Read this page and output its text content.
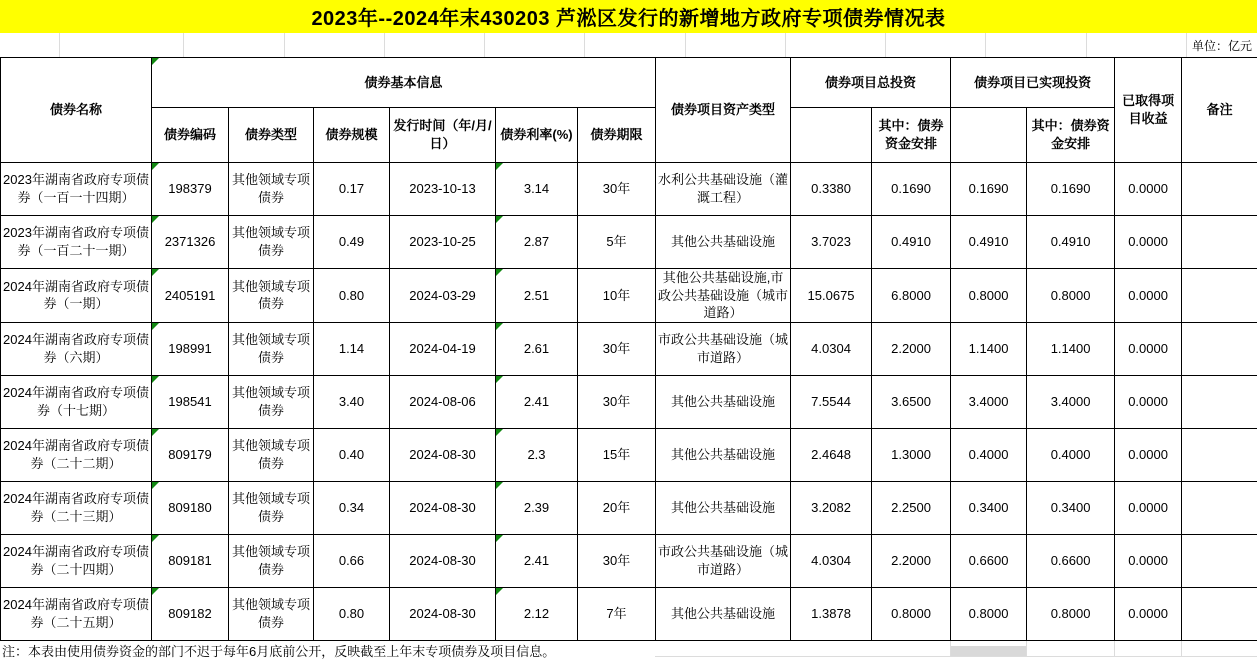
2023年--2024年末430203 芦淞区发行的新增地方政府专项债券情况表
单位：亿元
债券名称	债券基本信息						债券项目资产类型	债券项目总投资		债券项目已实现投资		已取得项目收益	备注
	债券编码	债券类型	债券规模	发行时间（年/月/日）	债券利率(%)	债券期限			其中：债券资金安排		其中：债券资金安排		
2023年湖南省政府专项债券（一百一十四期）	198379	其他领域专项债券	0.17	2023-10-13	3.14	30年	水利公共基础设施（灌溉工程）	0.3380	0.1690	0.1690	0.1690	0.0000	
2023年湖南省政府专项债券（一百二十一期）	2371326	其他领域专项债券	0.49	2023-10-25	2.87	5年	其他公共基础设施	3.7023	0.4910	0.4910	0.4910	0.0000	
2024年湖南省政府专项债券（一期）	2405191	其他领域专项债券	0.80	2024-03-29	2.51	10年	其他公共基础设施,市政公共基础设施（城市道路）	15.0675	6.8000	0.8000	0.8000	0.0000	
2024年湖南省政府专项债券（六期）	198991	其他领域专项债券	1.14	2024-04-19	2.61	30年	市政公共基础设施（城市道路）	4.0304	2.2000	1.1400	1.1400	0.0000	
2024年湖南省政府专项债券（十七期）	198541	其他领域专项债券	3.40	2024-08-06	2.41	30年	其他公共基础设施	7.5544	3.6500	3.4000	3.4000	0.0000	
2024年湖南省政府专项债券（二十二期）	809179	其他领域专项债券	0.40	2024-08-30	2.3	15年	其他公共基础设施	2.4648	1.3000	0.4000	0.4000	0.0000	
2024年湖南省政府专项债券（二十三期）	809180	其他领域专项债券	0.34	2024-08-30	2.39	20年	其他公共基础设施	3.2082	2.2500	0.3400	0.3400	0.0000	
2024年湖南省政府专项债券（二十四期）	809181	其他领域专项债券	0.66	2024-08-30	2.41	30年	市政公共基础设施（城市道路）	4.0304	2.2000	0.6600	0.6600	0.0000	
2024年湖南省政府专项债券（二十五期）	809182	其他领域专项债券	0.80	2024-08-30	2.12	7年	其他公共基础设施	1.3878	0.8000	0.8000	0.8000	0.0000	
注：本表由使用债券资金的部门不迟于每年6月底前公开，反映截至上年末专项债券及项目信息。
